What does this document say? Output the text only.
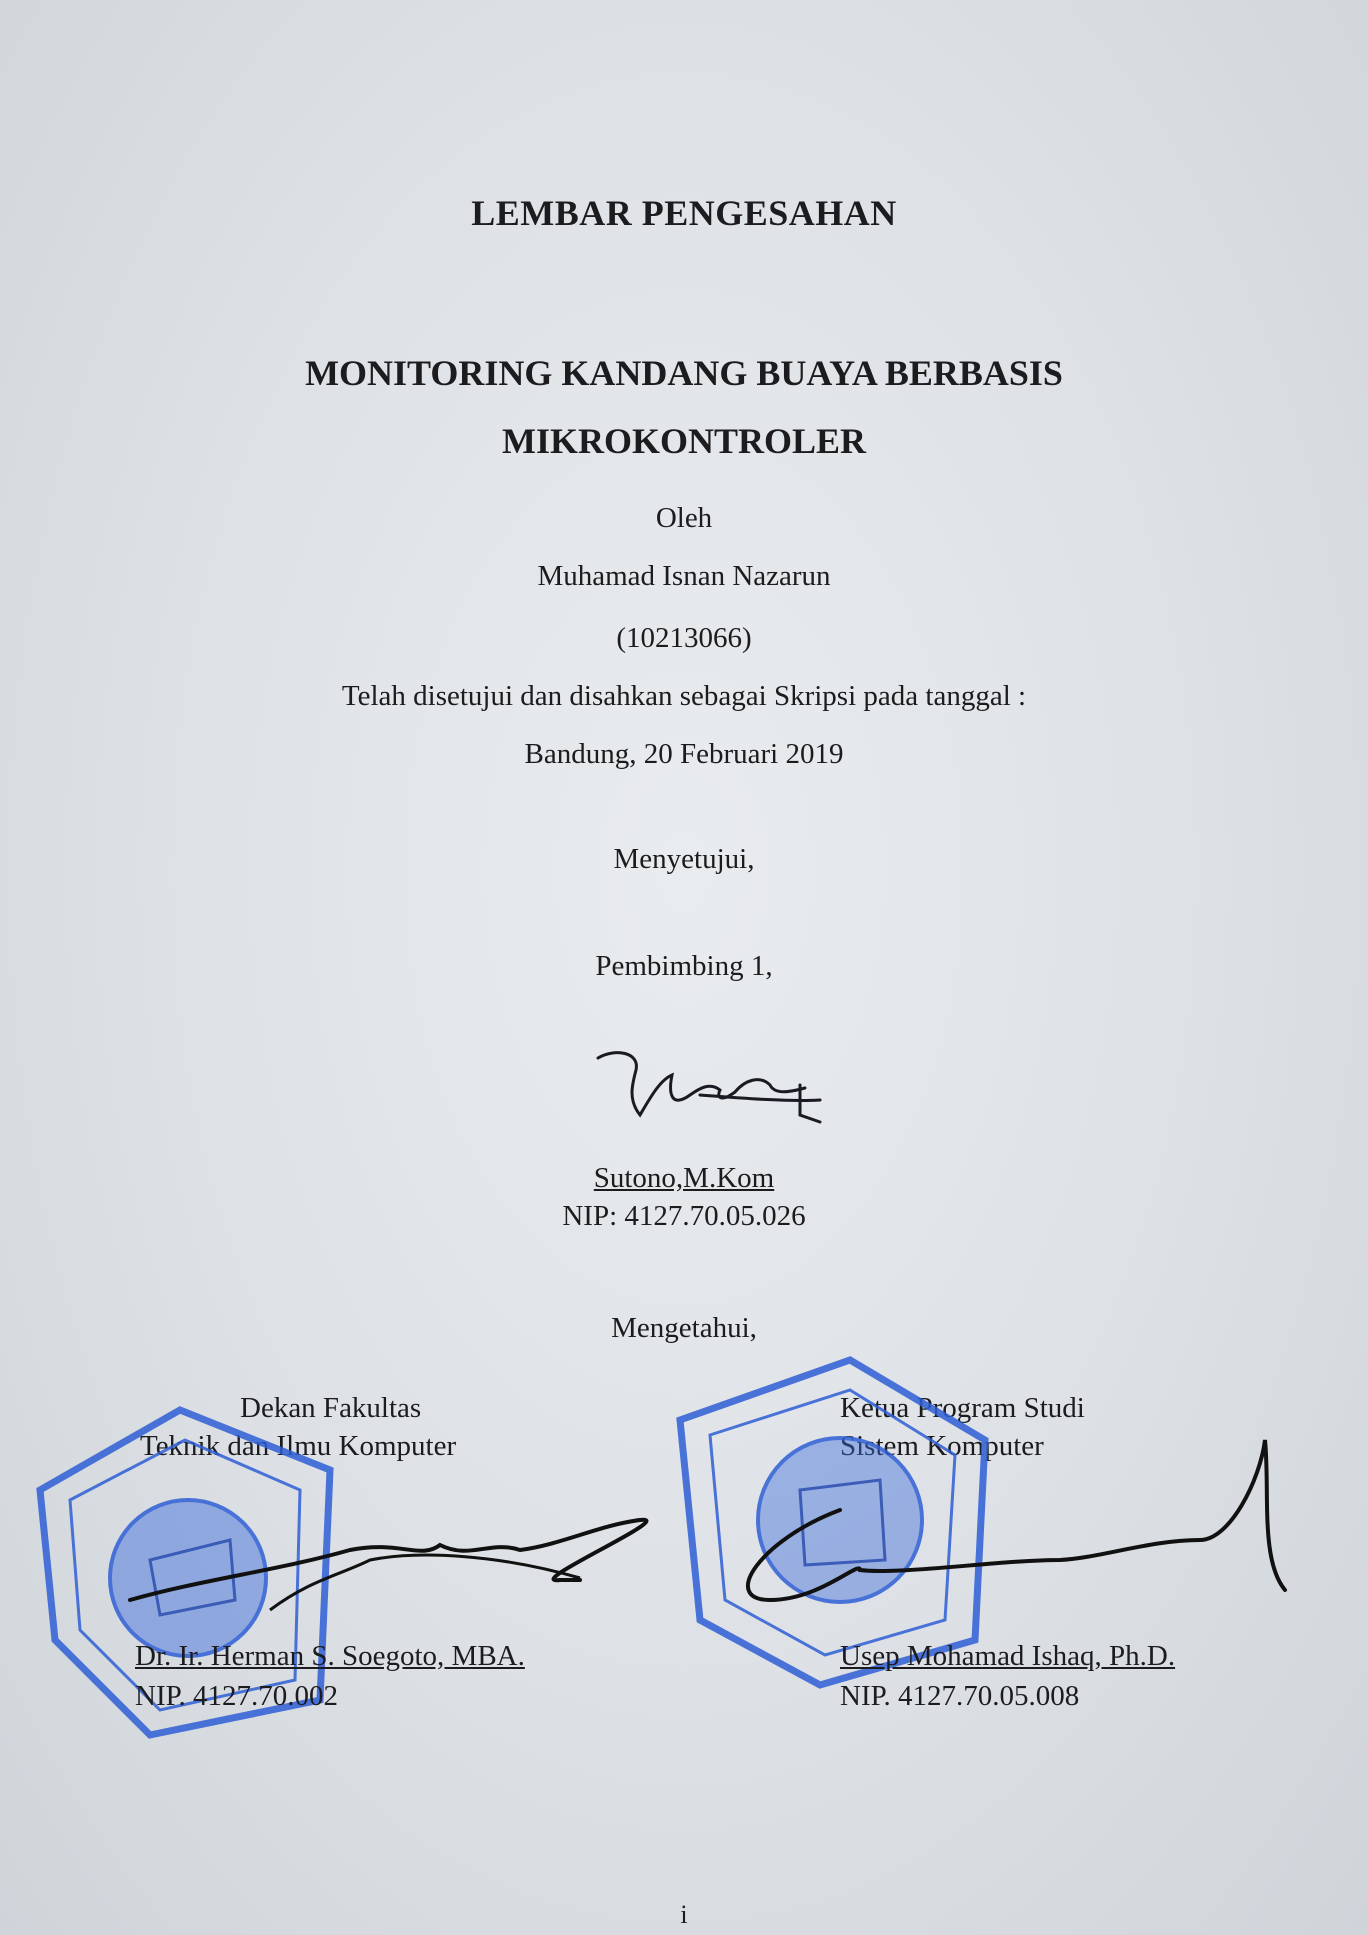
LEMBAR PENGESAHAN
MONITORING KANDANG BUAYA BERBASIS
MIKROKONTROLER
Oleh
Muhamad Isnan Nazarun
(10213066)
Telah disetujui dan disahkan sebagai Skripsi pada tanggal :
Bandung, 20 Februari 2019
Menyetujui,
Pembimbing 1,
Sutono,M.Kom
NIP: 4127.70.05.026
Mengetahui,
Dekan Fakultas
Teknik dan Ilmu Komputer
Ketua Program Studi
Sistem Komputer
Dr. Ir. Herman S. Soegoto, MBA.
NIP. 4127.70.002
Usep Mohamad Ishaq, Ph.D.
NIP. 4127.70.05.008
i
